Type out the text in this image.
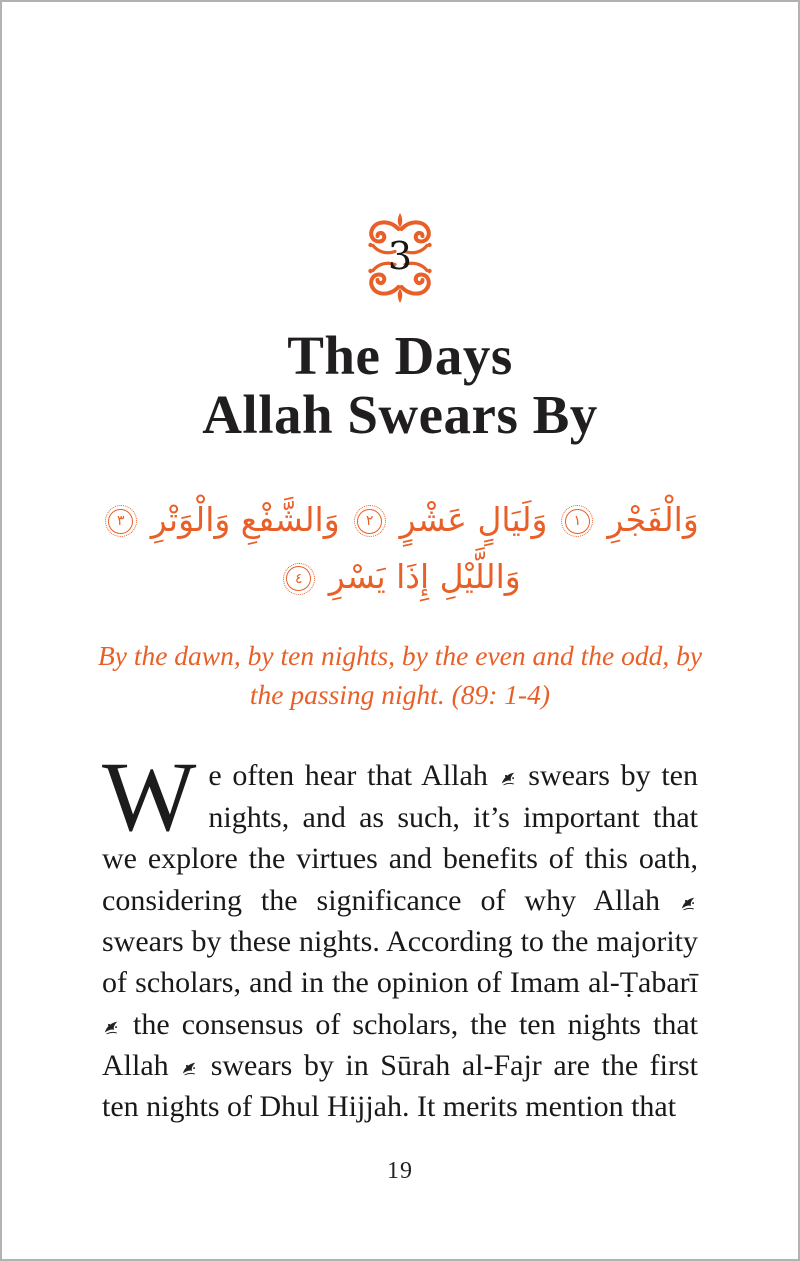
3
The Days
Allah Swears By
وَالْفَجْرِ ١ وَلَيَالٍ عَشْرٍ ٢ وَالشَّفْعِ وَالْوَتْرِ ٣
وَاللَّيْلِ إِذَا يَسْرِ ٤
By the dawn, by ten nights, by the even and the odd, by the passing night. (89: 1-4)

We often hear that Allah  swears by ten nights, and as such, it’s important that we explore the virtues and benefits of this oath, considering the significance of why Allah  swears by these nights. According to the majority of scholars, and in the opinion of Imam al-Ṭabarī  the consensus of scholars, the ten nights that Allah  swears by in Sūrah al-Fajr are the first ten nights of Dhul Hijjah. It merits mention that

19
